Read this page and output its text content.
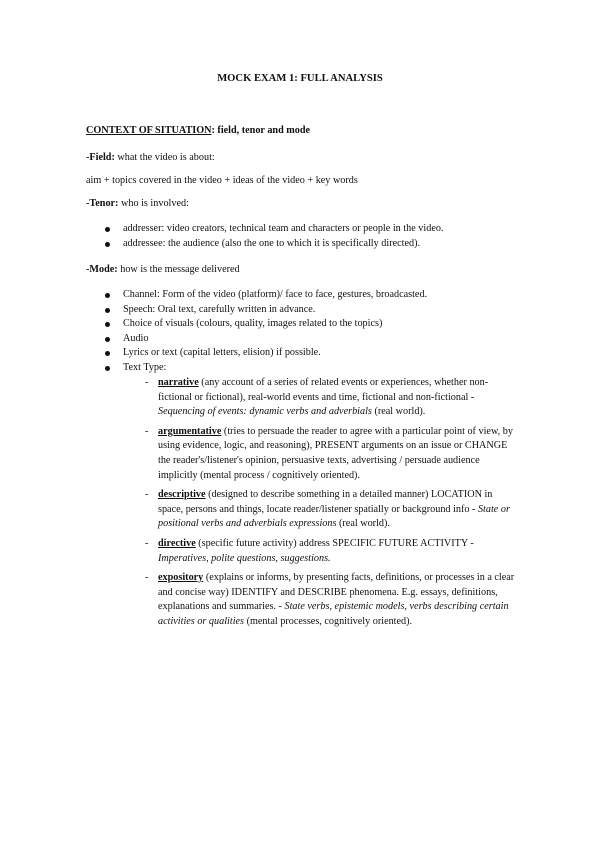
MOCK EXAM 1: FULL ANALYSIS
CONTEXT OF SITUATION: field, tenor and mode
-Field: what the video is about:
aim + topics covered in the video + ideas of the video + key words
-Tenor: who is involved:
addresser: video creators, technical team and characters or people in the video.
addressee: the audience (also the one to which it is specifically directed).
-Mode: how is the message delivered
Channel: Form of the video (platform)/ face to face, gestures, broadcasted.
Speech: Oral text, carefully written in advance.
Choice of visuals (colours, quality, images related to the topics)
Audio
Lyrics or text (capital letters, elision) if possible.
Text Type:
- narrative (any account of a series of related events or experiences, whether non-fictional or fictional), real-world events and time, fictional and non-fictional - Sequencing of events: dynamic verbs and adverbials (real world).
- argumentative (tries to persuade the reader to agree with a particular point of view, by using evidence, logic, and reasoning), PRESENT arguments on an issue or CHANGE the reader's/listener's opinion, persuasive texts, advertising / persuade audience implicitly (mental process / cognitively oriented).
- descriptive (designed to describe something in a detailed manner) LOCATION in space, persons and things, locate reader/listener spatially or background info - State or positional verbs and adverbials expressions (real world).
- directive (specific future activity) address SPECIFIC FUTURE ACTIVITY - Imperatives, polite questions, suggestions.
- expository (explains or informs, by presenting facts, definitions, or processes in a clear and concise way) IDENTIFY and DESCRIBE phenomena. E.g. essays, definitions, explanations and summaries. - State verbs, epistemic models, verbs describing certain activities or qualities (mental processes, cognitively oriented).
